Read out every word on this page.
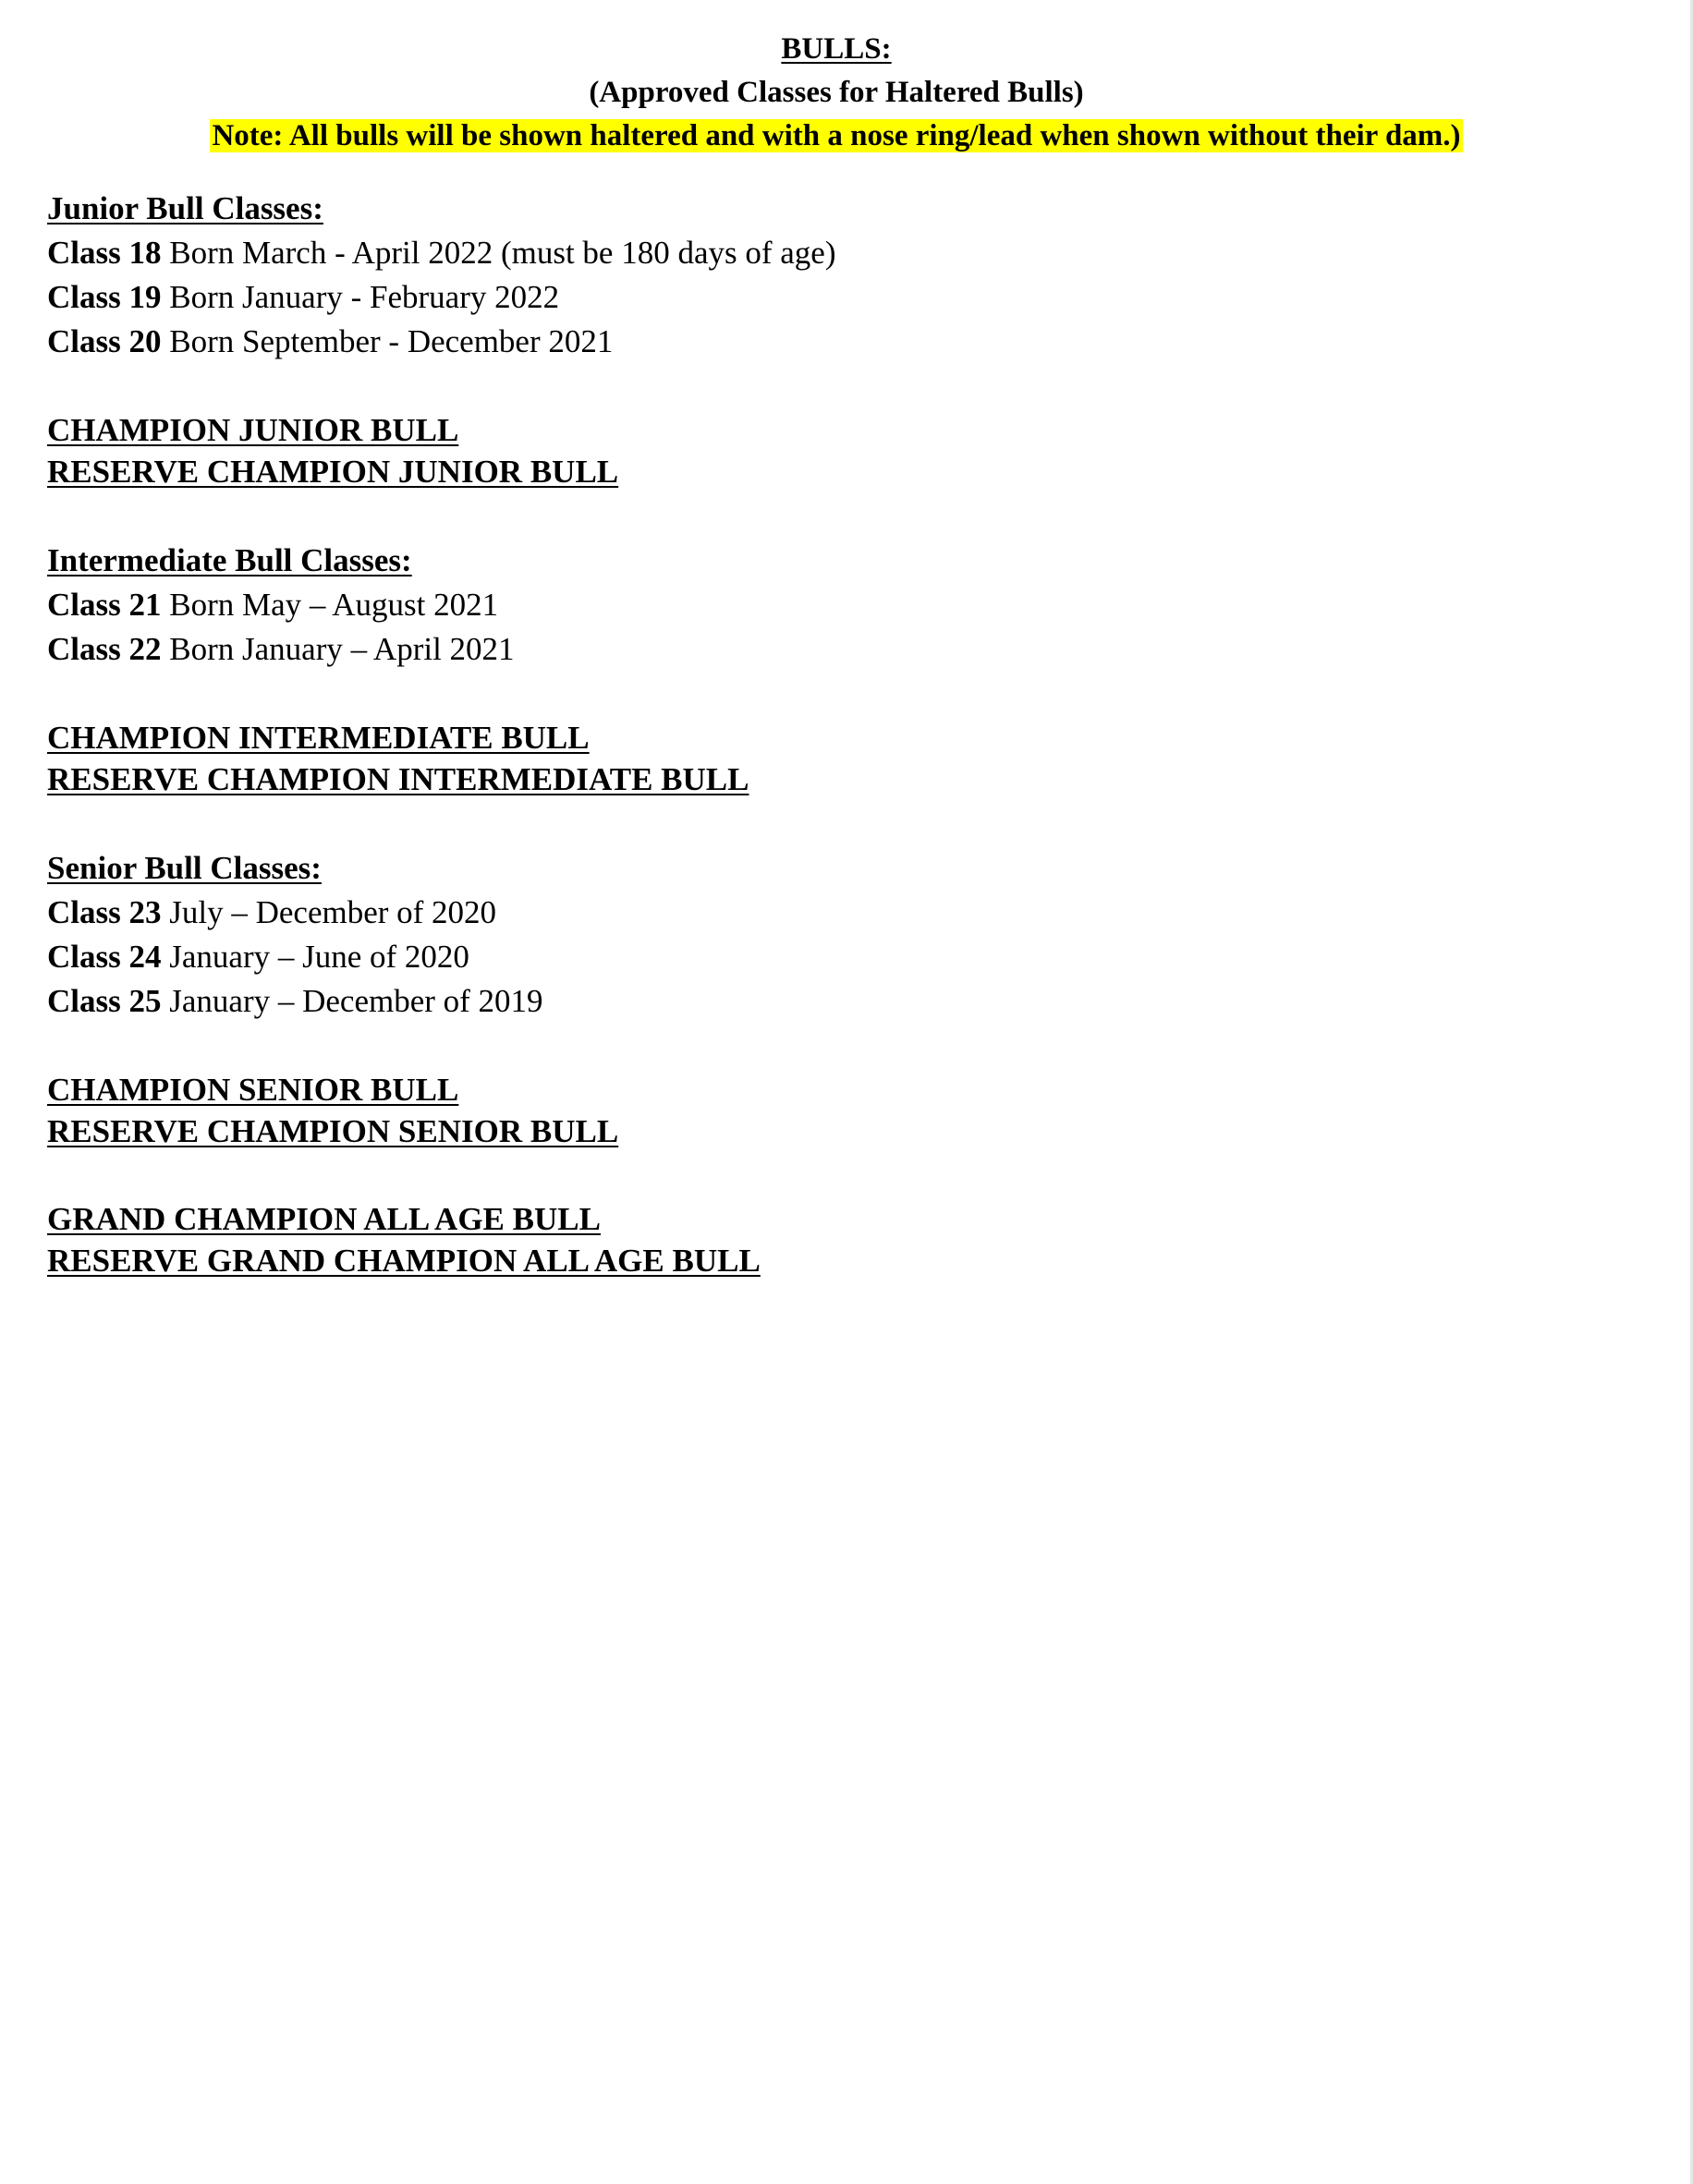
BULLS:
(Approved Classes for Haltered Bulls)
Note: All bulls will be shown haltered and with a nose ring/lead when shown without their dam.)
Junior Bull Classes:
Class 18 Born March - April 2022 (must be 180 days of age)
Class 19 Born January - February 2022
Class 20 Born September - December 2021
CHAMPION JUNIOR BULL
RESERVE CHAMPION JUNIOR BULL
Intermediate Bull Classes:
Class 21 Born May – August 2021
Class 22 Born January – April 2021
CHAMPION INTERMEDIATE BULL
RESERVE CHAMPION INTERMEDIATE BULL
Senior Bull Classes:
Class 23 July – December of 2020
Class 24 January – June of 2020
Class 25 January – December of 2019
CHAMPION SENIOR BULL
RESERVE CHAMPION SENIOR BULL
GRAND CHAMPION ALL AGE BULL
RESERVE GRAND CHAMPION ALL AGE BULL
